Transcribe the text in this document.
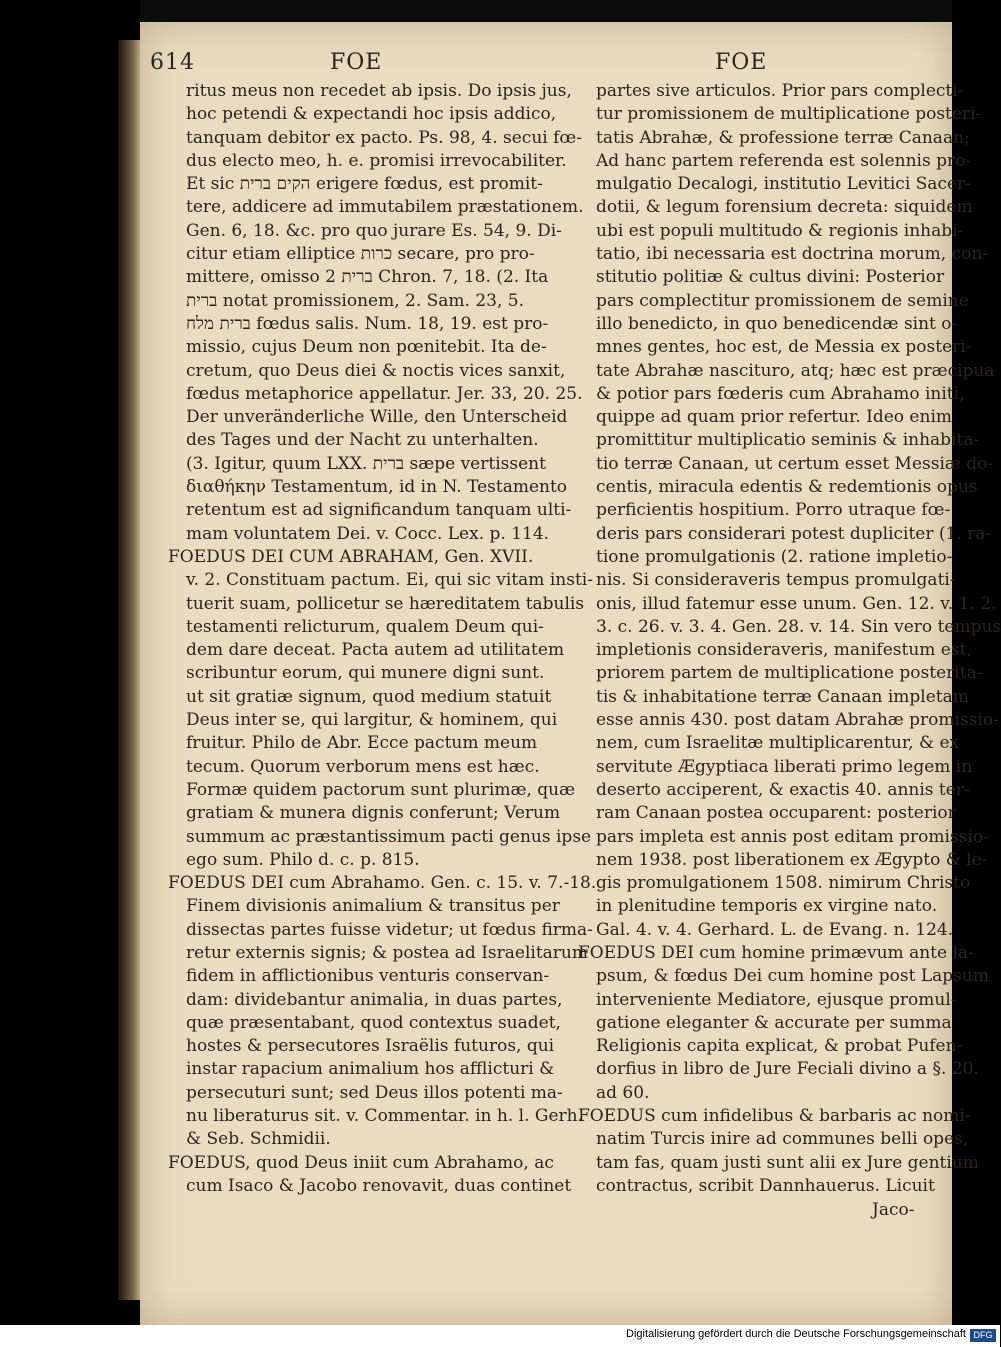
614	FOE	FOE

ritus meus non recedet ab ipsis. Do ipsis jus,

hoc petendi & expectandi hoc ipsis addico,

tanquam debitor ex pacto. Ps. 98, 4. secui fœ-

dus electo meo, h. e. promisi irrevocabiliter.

Et sic הקים ברית erigere fœdus, est promit-

tere, addicere ad immutabilem præstationem.

Gen. 6, 18. &c. pro quo jurare Es. 54, 9. Di-

citur etiam elliptice כרות secare, pro pro-

mittere, omisso ברית 2 Chron. 7, 18. (2. Ita

ברית notat promissionem, 2. Sam. 23, 5.

ברית מלח fœdus salis. Num. 18, 19. est pro-

missio, cujus Deum non pœnitebit. Ita de-

cretum, quo Deus diei & noctis vices sanxit,

fœdus metaphorice appellatur. Jer. 33, 20. 25.

Der unveränderliche Wille, den Unterscheid

des Tages und der Nacht zu unterhalten.

(3. Igitur, quum LXX. ברית sæpe vertissent

διαθήκην Testamentum, id in N. Testamento

retentum est ad significandum tanquam ulti-

mam voluntatem Dei. v. Cocc. Lex. p. 114.

FOEDUS DEI CUM ABRAHAM, Gen. XVII.

v. 2. Constituam pactum. Ei, qui sic vitam insti-

tuerit suam, pollicetur se hæreditatem tabulis

testamenti relicturum, qualem Deum qui-

dem dare deceat. Pacta autem ad utilitatem

scribuntur eorum, qui munere digni sunt.

ut sit gratiæ signum, quod medium statuit

Deus inter se, qui largitur, & hominem, qui

fruitur. Philo de Abr. Ecce pactum meum

tecum. Quorum verborum mens est hæc.

Formæ quidem pactorum sunt plurimæ, quæ

gratiam & munera dignis conferunt; Verum

summum ac præstantissimum pacti genus ipse

ego sum. Philo d. c. p. 815.

FOEDUS DEI cum Abrahamo. Gen. c. 15. v. 7.-18.

Finem divisionis animalium & transitus per

dissectas partes fuisse videtur; ut fœdus firma-

retur externis signis; & postea ad Israelitarum

fidem in afflictionibus venturis conservan-

dam: dividebantur animalia, in duas partes,

quæ præsentabant, quod contextus suadet,

hostes & persecutores Israëlis futuros, qui

instar rapacium animalium hos afflicturi &

persecuturi sunt; sed Deus illos potenti ma-

nu liberaturus sit. v. Commentar. in h. l. Gerh.

& Seb. Schmidii.

FOEDUS, quod Deus iniit cum Abrahamo, ac

cum Isaco & Jacobo renovavit, duas continet

partes sive articulos. Prior pars complecti-

tur promissionem de multiplicatione posteri-

tatis Abrahæ, & professione terræ Canaan;

Ad hanc partem referenda est solennis pro-

mulgatio Decalogi, institutio Levitici Sacer-

dotii, & legum forensium decreta: siquidem

ubi est populi multitudo & regionis inhabi-

tatio, ibi necessaria est doctrina morum, con-

stitutio politiæ & cultus divini: Posterior

pars complectitur promissionem de semine

illo benedicto, in quo benedicendæ sint o-

mnes gentes, hoc est, de Messia ex posteri-

tate Abrahæ nascituro, atq; hæc est præcipua

& potior pars fœderis cum Abrahamo initi,

quippe ad quam prior refertur. Ideo enim

promittitur multiplicatio seminis & inhabita-

tio terræ Canaan, ut certum esset Messiæ do-

centis, miracula edentis & redemtionis opus

perficientis hospitium. Porro utraque fœ-

deris pars considerari potest dupliciter (1. ra-

tione promulgationis (2. ratione impletio-

nis. Si consideraveris tempus promulgati-

onis, illud fatemur esse unum. Gen. 12. v. 1. 2.

3. c. 26. v. 3. 4. Gen. 28. v. 14. Sin vero tempus

impletionis consideraveris, manifestum est,

priorem partem de multiplicatione posterita-

tis & inhabitatione terræ Canaan impletam

esse annis 430. post datam Abrahæ promissio-

nem, cum Israelitæ multiplicarentur, & ex

servitute Ægyptiaca liberati primo legem in

deserto acciperent, & exactis 40. annis ter-

ram Canaan postea occuparent: posterior

pars impleta est annis post editam promissio-

nem 1938. post liberationem ex Ægypto & le-

gis promulgationem 1508. nimirum Christo

in plenitudine temporis ex virgine nato.

Gal. 4. v. 4. Gerhard. L. de Evang. n. 124.

FOEDUS DEI cum homine primævum ante la-

psum, & fœdus Dei cum homine post Lapsum

interveniente Mediatore, ejusque promul-

gatione eleganter & accurate per summa

Religionis capita explicat, & probat Pufen-

dorfius in libro de Jure Feciali divino a §. 20.

ad 60.

FOEDUS cum infidelibus & barbaris ac nomi-

natim Turcis inire ad communes belli opes,

tam fas, quam justi sunt alii ex Jure gentium

contractus, scribit Dannhauerus. Licuit

Jaco-
Digitalisierung gefördert durch die Deutsche Forschungsgemeinschaft DFG
